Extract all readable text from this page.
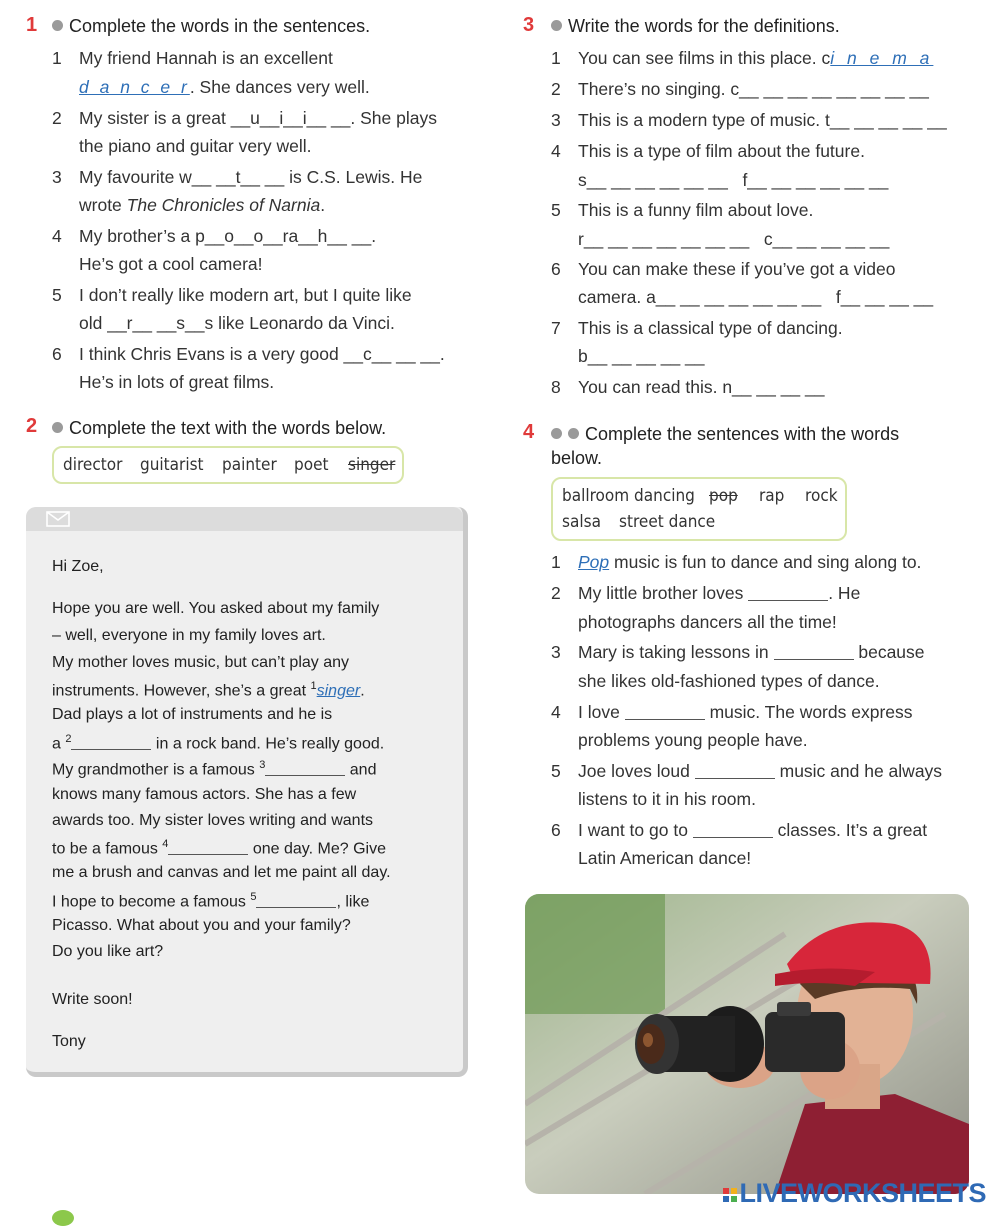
1	Complete the words in the sentences.
1 My friend Hannah is an excellent
d a n c e r. She dances very well.
2 My sister is a great __u__i__i__ __. She plays
the piano and guitar very well.
3 My favourite w__ __t__ __ is C.S. Lewis. He
wrote The Chronicles of Narnia.
4 My brother’s a p__o__o__ra__h__ __.
He’s got a cool camera!
5 I don’t really like modern art, but I quite like
old __r__ __s__s like Leonardo da Vinci.
6 I think Chris Evans is a very good __c__ __ __.
He’s in lots of great films.
2	Complete the text with the words below.
director guitarist painter poet singer
Hi Zoe,
Hope you are well. You asked about my family
– well, everyone in my family loves art.
My mother loves music, but can’t play any
instruments. However, she’s a great $^1$singer.
Dad plays a lot of instruments and he is
a $^2$	in a rock band. He’s really good.
My grandmother is a famous $^3$	and
knows many famous actors. She has a few
awards too. My sister loves writing and wants
to be a famous $^4$	one day. Me? Give
me a brush and canvas and let me paint all day.
I hope to become a famous $^5$	, like
Picasso. What about you and your family?
Do you like art?
Write soon!
Tony
3	Write the words for the definitions.
1 You can see films in this place. ci n e m a
2 There’s no singing. c__ __ __ __ __ __ __ __
3 This is a modern type of music. t__ __ __ __ __
4 This is a type of film about the future.
s__ __ __ __ __ __   f__ __ __ __ __ __
5 This is a funny film about love.
r__ __ __ __ __ __ __   c__ __ __ __ __
6 You can make these if you’ve got a video
camera. a__ __ __ __ __ __ __   f__ __ __ __
7 This is a classical type of dancing.
b__ __ __ __ __
8 You can read this. n__ __ __ __
4	Complete the sentences with the words
below.
ballroom dancing pop rap rock
salsa street dance
1 Pop music is fun to dance and sing along to.
2 My little brother loves	. He
photographs dancers all the time!
3 Mary is taking lessons in	because
she likes old-fashioned types of dance.
4 I love	music. The words express
problems young people have.
5 Joe loves loud	music and he always
listens to it in his room.
6 I want to go to	classes. It’s a great
Latin American dance!
LIVEWORKSHEETS
